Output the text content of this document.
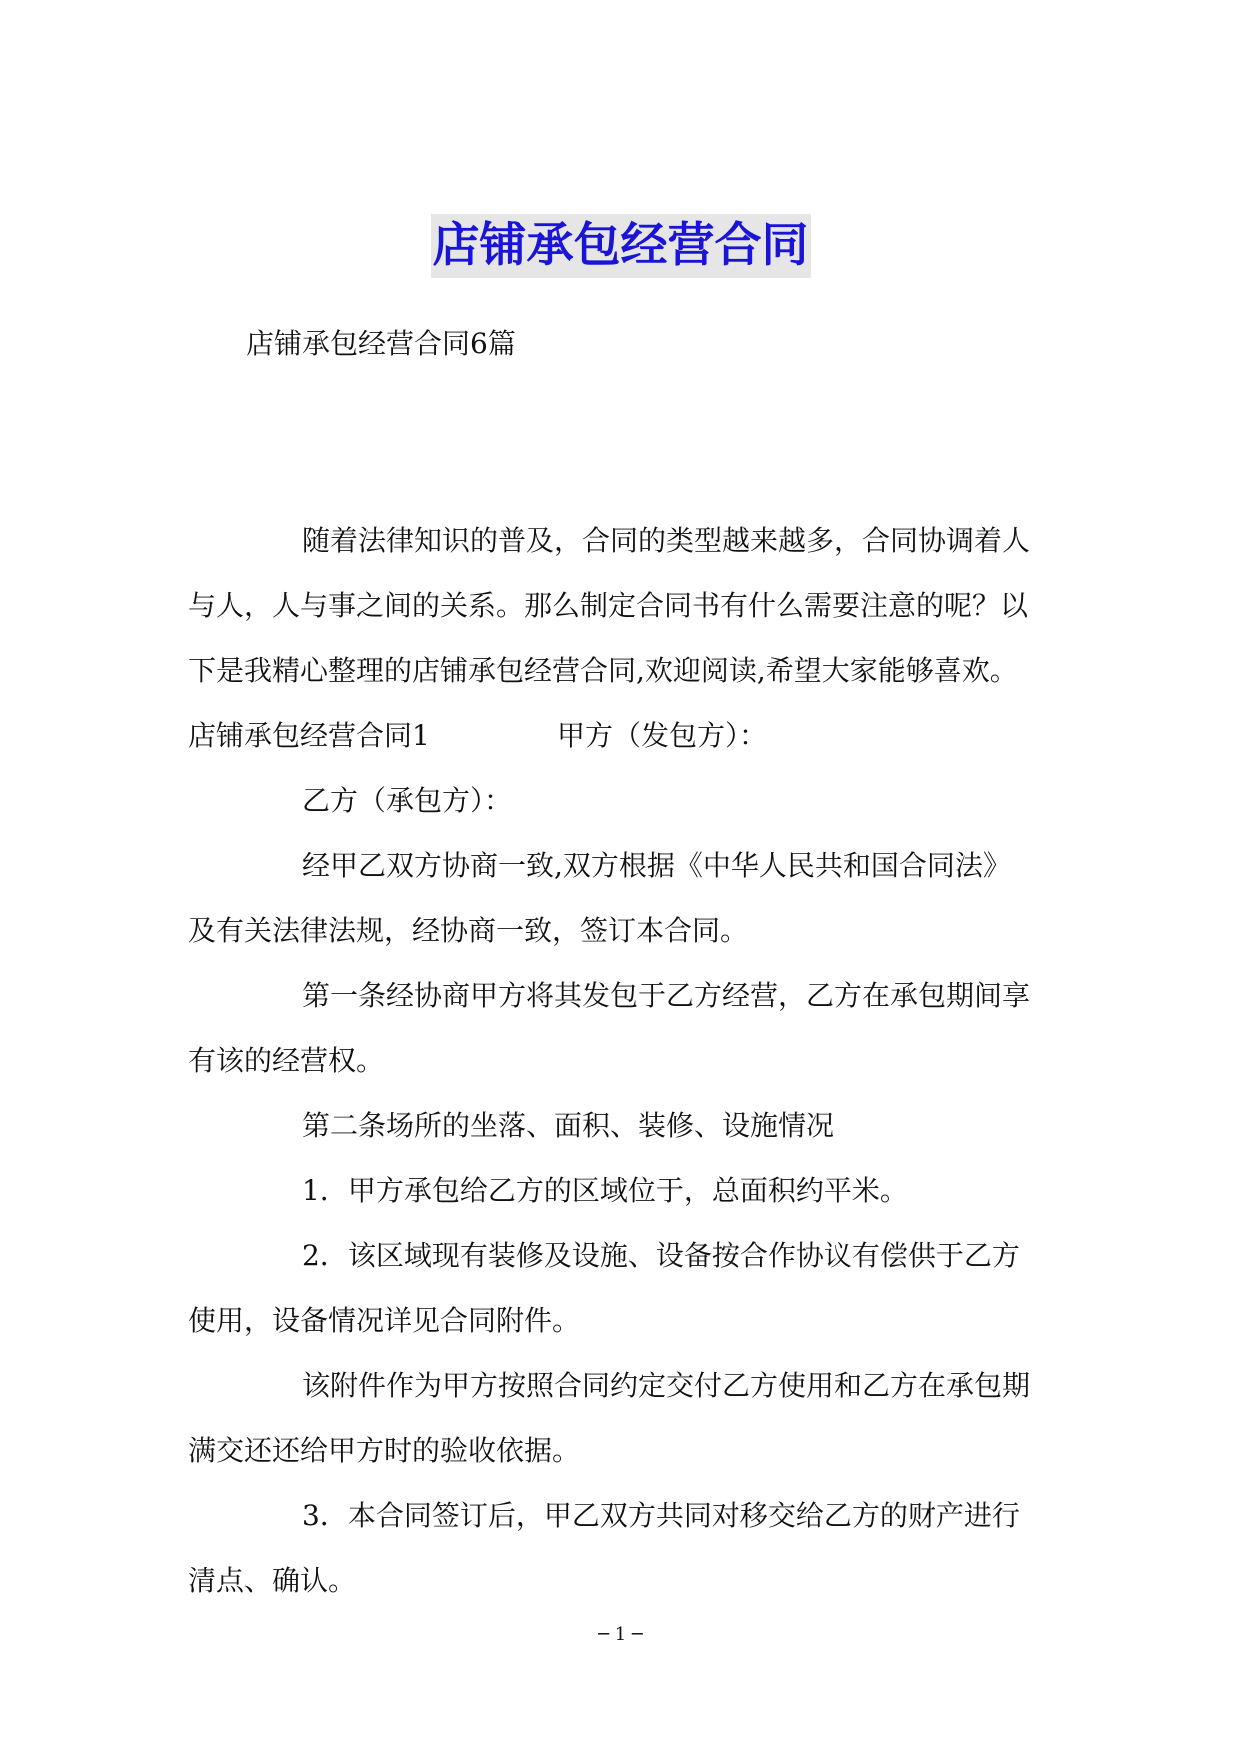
店铺承包经营合同
店铺承包经营合同6篇
随着法律知识的普及，合同的类型越来越多，合同协调着人
与人，人与事之间的关系。那么制定合同书有什么需要注意的呢？以
下是我精心整理的店铺承包经营合同,欢迎阅读,希望大家能够喜欢。
店铺承包经营合同1	甲方（发包方）：
乙方（承包方）：
经甲乙双方协商一致,双方根据《中华人民共和国合同法》
及有关法律法规，经协商一致，签订本合同。
第一条经协商甲方将其发包于乙方经营，乙方在承包期间享
有该的经营权。
第二条场所的坐落、面积、装修、设施情况
1．甲方承包给乙方的区域位于，总面积约平米。
2．该区域现有装修及设施、设备按合作协议有偿供于乙方
使用，设备情况详见合同附件。
该附件作为甲方按照合同约定交付乙方使用和乙方在承包期
满交还还给甲方时的验收依据。
3．本合同签订后，甲乙双方共同对移交给乙方的财产进行
清点、确认。
─ 1 ─
